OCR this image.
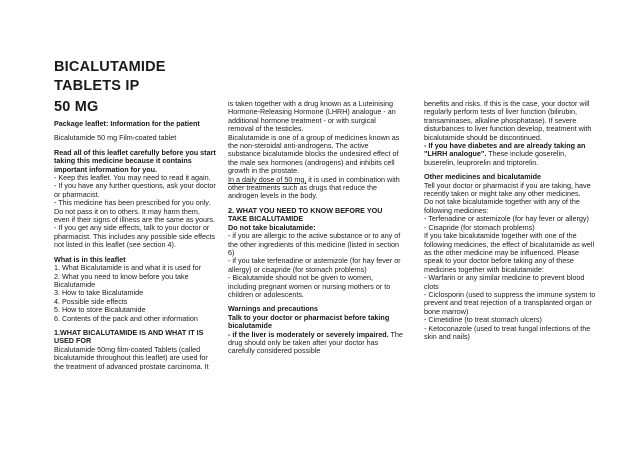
BICALUTAMIDE

TABLETS IP

50 MG

Package leaflet: Information for the patient

Bicalutamide 50 mg Film-coated tablet

Read all of this leaflet carefully before you start taking this medicine because it contains important information for you.

- Keep this leaflet. You may need to read it again.
- If you have any further questions, ask your doctor or pharmacist.
- This medicine has been prescribed for you only. Do not pass it on to others. It may harm them, even if their signs of illness are the same as yours.
- If you get any side effects, talk to your doctor or pharmacist. This includes any possible side effects not listed in this leaflet (see section 4).

What is in this leaflet

1. What Bicalutamide is and what it is used for
2. What you need to know before you take Bicalutamide
3. How to take Bicalutamide
4. Possible side effects
5. How to store Bicalutamide
6. Contents of the pack and other information

1.WHAT BICALUTAMIDE IS AND WHAT IT IS USED FOR

Bicalutamide 50mg film-coated Tablets (called bicalutamide throughout this leaflet) are used for the treatment of advanced prostate carcinoma. It

is taken together with a drug known as a Luteinising Hormone-Releasing Hormone (LHRH) analogue - an additional hormone treatment - or with surgical removal of the testicles.

Bicalutamide is one of a group of medicines known as the non-steroidal anti-androgens. The active substance bicalutamide blocks the undesired effect of the male sex hormones (androgens) and inhibits cell growth in the prostate.

In a daily dose of 50 mg, it is used in combination with other treatments such as drugs that reduce the androgen levels in the body.

2. WHAT YOU NEED TO KNOW BEFORE YOU TAKE BICALUTAMIDE

Do not take bicalutamide:

- if you are allergic to the active substance or to any of the other ingredients of this medicine (listed in section 6)
- if you take terfenadine or astemizole (for hay fever or allergy) or cisapride (for stomach problems)
- Bicalutamide should not be given to women, including pregnant women or nursing mothers or to children or adolescents.

Warnings and precautions

Talk to your doctor or pharmacist before taking bicalutamide

- if the liver is moderately or severely impaired. The drug should only be taken after your doctor has carefully considered possible

benefits and risks. If this is the case, your doctor will regularly perform tests of liver function (bilirubin, transaminases, alkaline phosphatase). If severe disturbances to liver function develop, treatment with bicalutamide should be discontinued.

- If you have diabetes and are already taking an "LHRH analogue". These include goserelin, buserelin, leuprorelin and triptorelin.

Other medicines and bicalutamide

Tell your doctor or pharmacist if you are taking, have recently taken or might take any other medicines.

Do not take bicalutamide together with any of the following medicines:

- Terfenadine or astemizole (for hay fever or allergy)
- Cisapride (for stomach problems)

If you take bicalutamide together with one of the following medicines, the effect of bicalutamide as well as the other medicine may be influenced. Please speak to your doctor before taking any of these medicines together with bicalutamide:

- Warfarin or any similar medicine to prevent blood clots
- Ciclosporin (used to suppress the immune system to prevent and treat rejection of a transplanted organ or bone marrow)
- Cimetidine (to treat stomach ulcers)
- Ketoconazole (used to treat fungal infections of the skin and nails)
